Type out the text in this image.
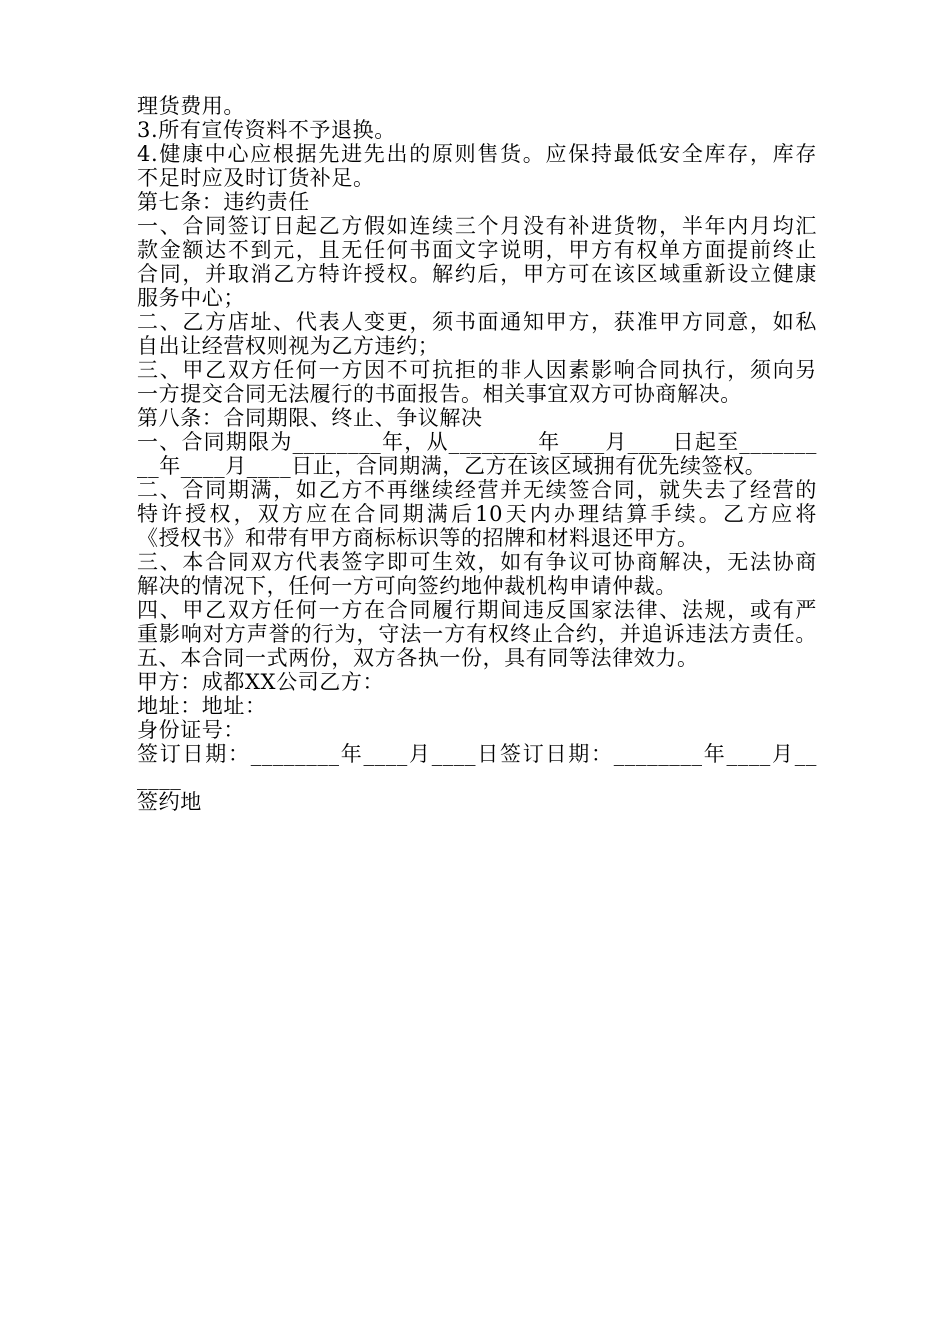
理货费用。
3.所有宣传资料不予退换。
4.健康中心应根据先进先出的原则售货。应保持最低安全库存，库存
不足时应及时订货补足。
第七条：违约责任
一、合同签订日起乙方假如连续三个月没有补进货物，半年内月均汇
款金额达不到元，且无任何书面文字说明，甲方有权单方面提前终止
合同，并取消乙方特许授权。解约后，甲方可在该区域重新设立健康
服务中心；
二、乙方店址、代表人变更，须书面通知甲方，获准甲方同意，如私
自出让经营权则视为乙方违约；
三、甲乙双方任何一方因不可抗拒的非人因素影响合同执行，须向另
一方提交合同无法履行的书面报告。相关事宜双方可协商解决。
第八条：合同期限、终止、争议解决
一、合同期限为________年，从________年____月____日起至_______
__年____月____日止，合同期满，乙方在该区域拥有优先续签权。
二、合同期满，如乙方不再继续经营并无续签合同，就失去了经营的
特许授权，双方应在合同期满后10天内办理结算手续。乙方应将
《授权书》和带有甲方商标标识等的招牌和材料退还甲方。
三、本合同双方代表签字即可生效，如有争议可协商解决，无法协商
解决的情况下，任何一方可向签约地仲裁机构申请仲裁。
四、甲乙双方任何一方在合同履行期间违反国家法律、法规，或有严
重影响对方声誉的行为，守法一方有权终止合约，并追诉违法方责任。
五、本合同一式两份，双方各执一份，具有同等法律效力。
甲方：成都XX公司乙方：
地址：地址：
身份证号：
签订日期：________年____月____日签订日期：________年____月__
____
签约地
